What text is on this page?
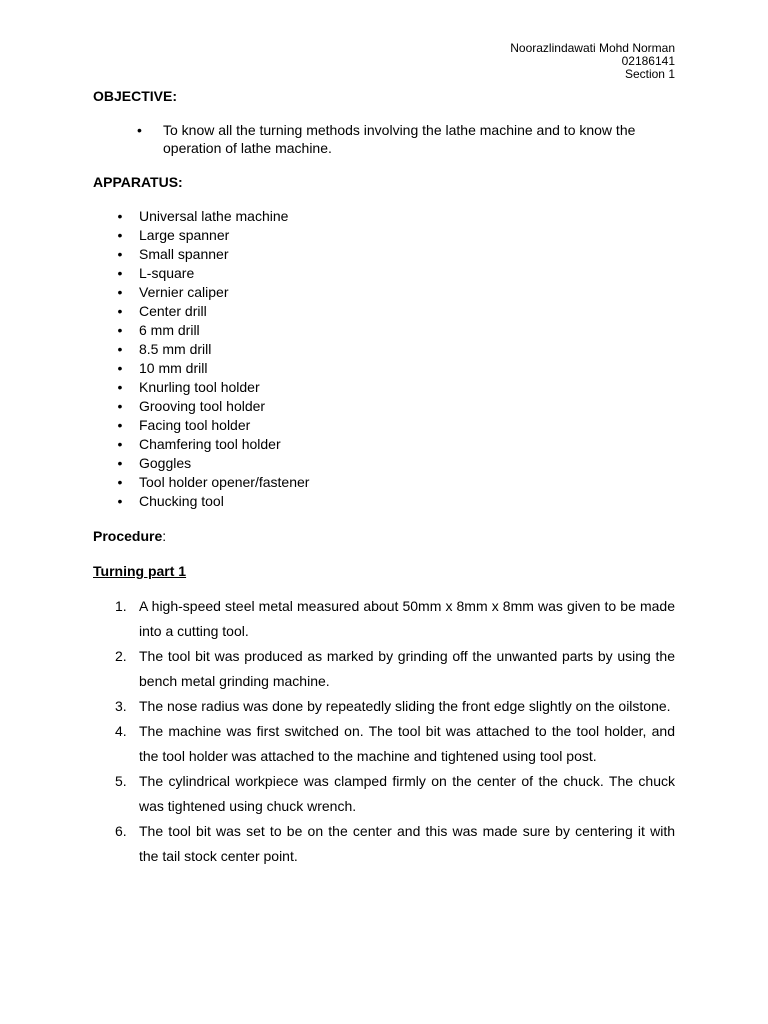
Noorazlindawati Mohd Norman
02186141
Section 1
OBJECTIVE:
• To know all the turning methods involving the lathe machine and to know the operation of lathe machine.
APPARATUS:
• Universal lathe machine
• Large spanner
• Small spanner
• L-square
• Vernier caliper
• Center drill
• 6 mm drill
• 8.5 mm drill
• 10 mm drill
• Knurling tool holder
• Grooving tool holder
• Facing tool holder
• Chamfering tool holder
• Goggles
• Tool holder opener/fastener
• Chucking tool
Procedure:
Turning part 1
1. A high-speed steel metal measured about 50mm x 8mm x 8mm was given to be made into a cutting tool.
2. The tool bit was produced as marked by grinding off the unwanted parts by using the bench metal grinding machine.
3. The nose radius was done by repeatedly sliding the front edge slightly on the oilstone.
4. The machine was first switched on. The tool bit was attached to the tool holder, and the tool holder was attached to the machine and tightened using tool post.
5. The cylindrical workpiece was clamped firmly on the center of the chuck. The chuck was tightened using chuck wrench.
6. The tool bit was set to be on the center and this was made sure by centering it with the tail stock center point.
